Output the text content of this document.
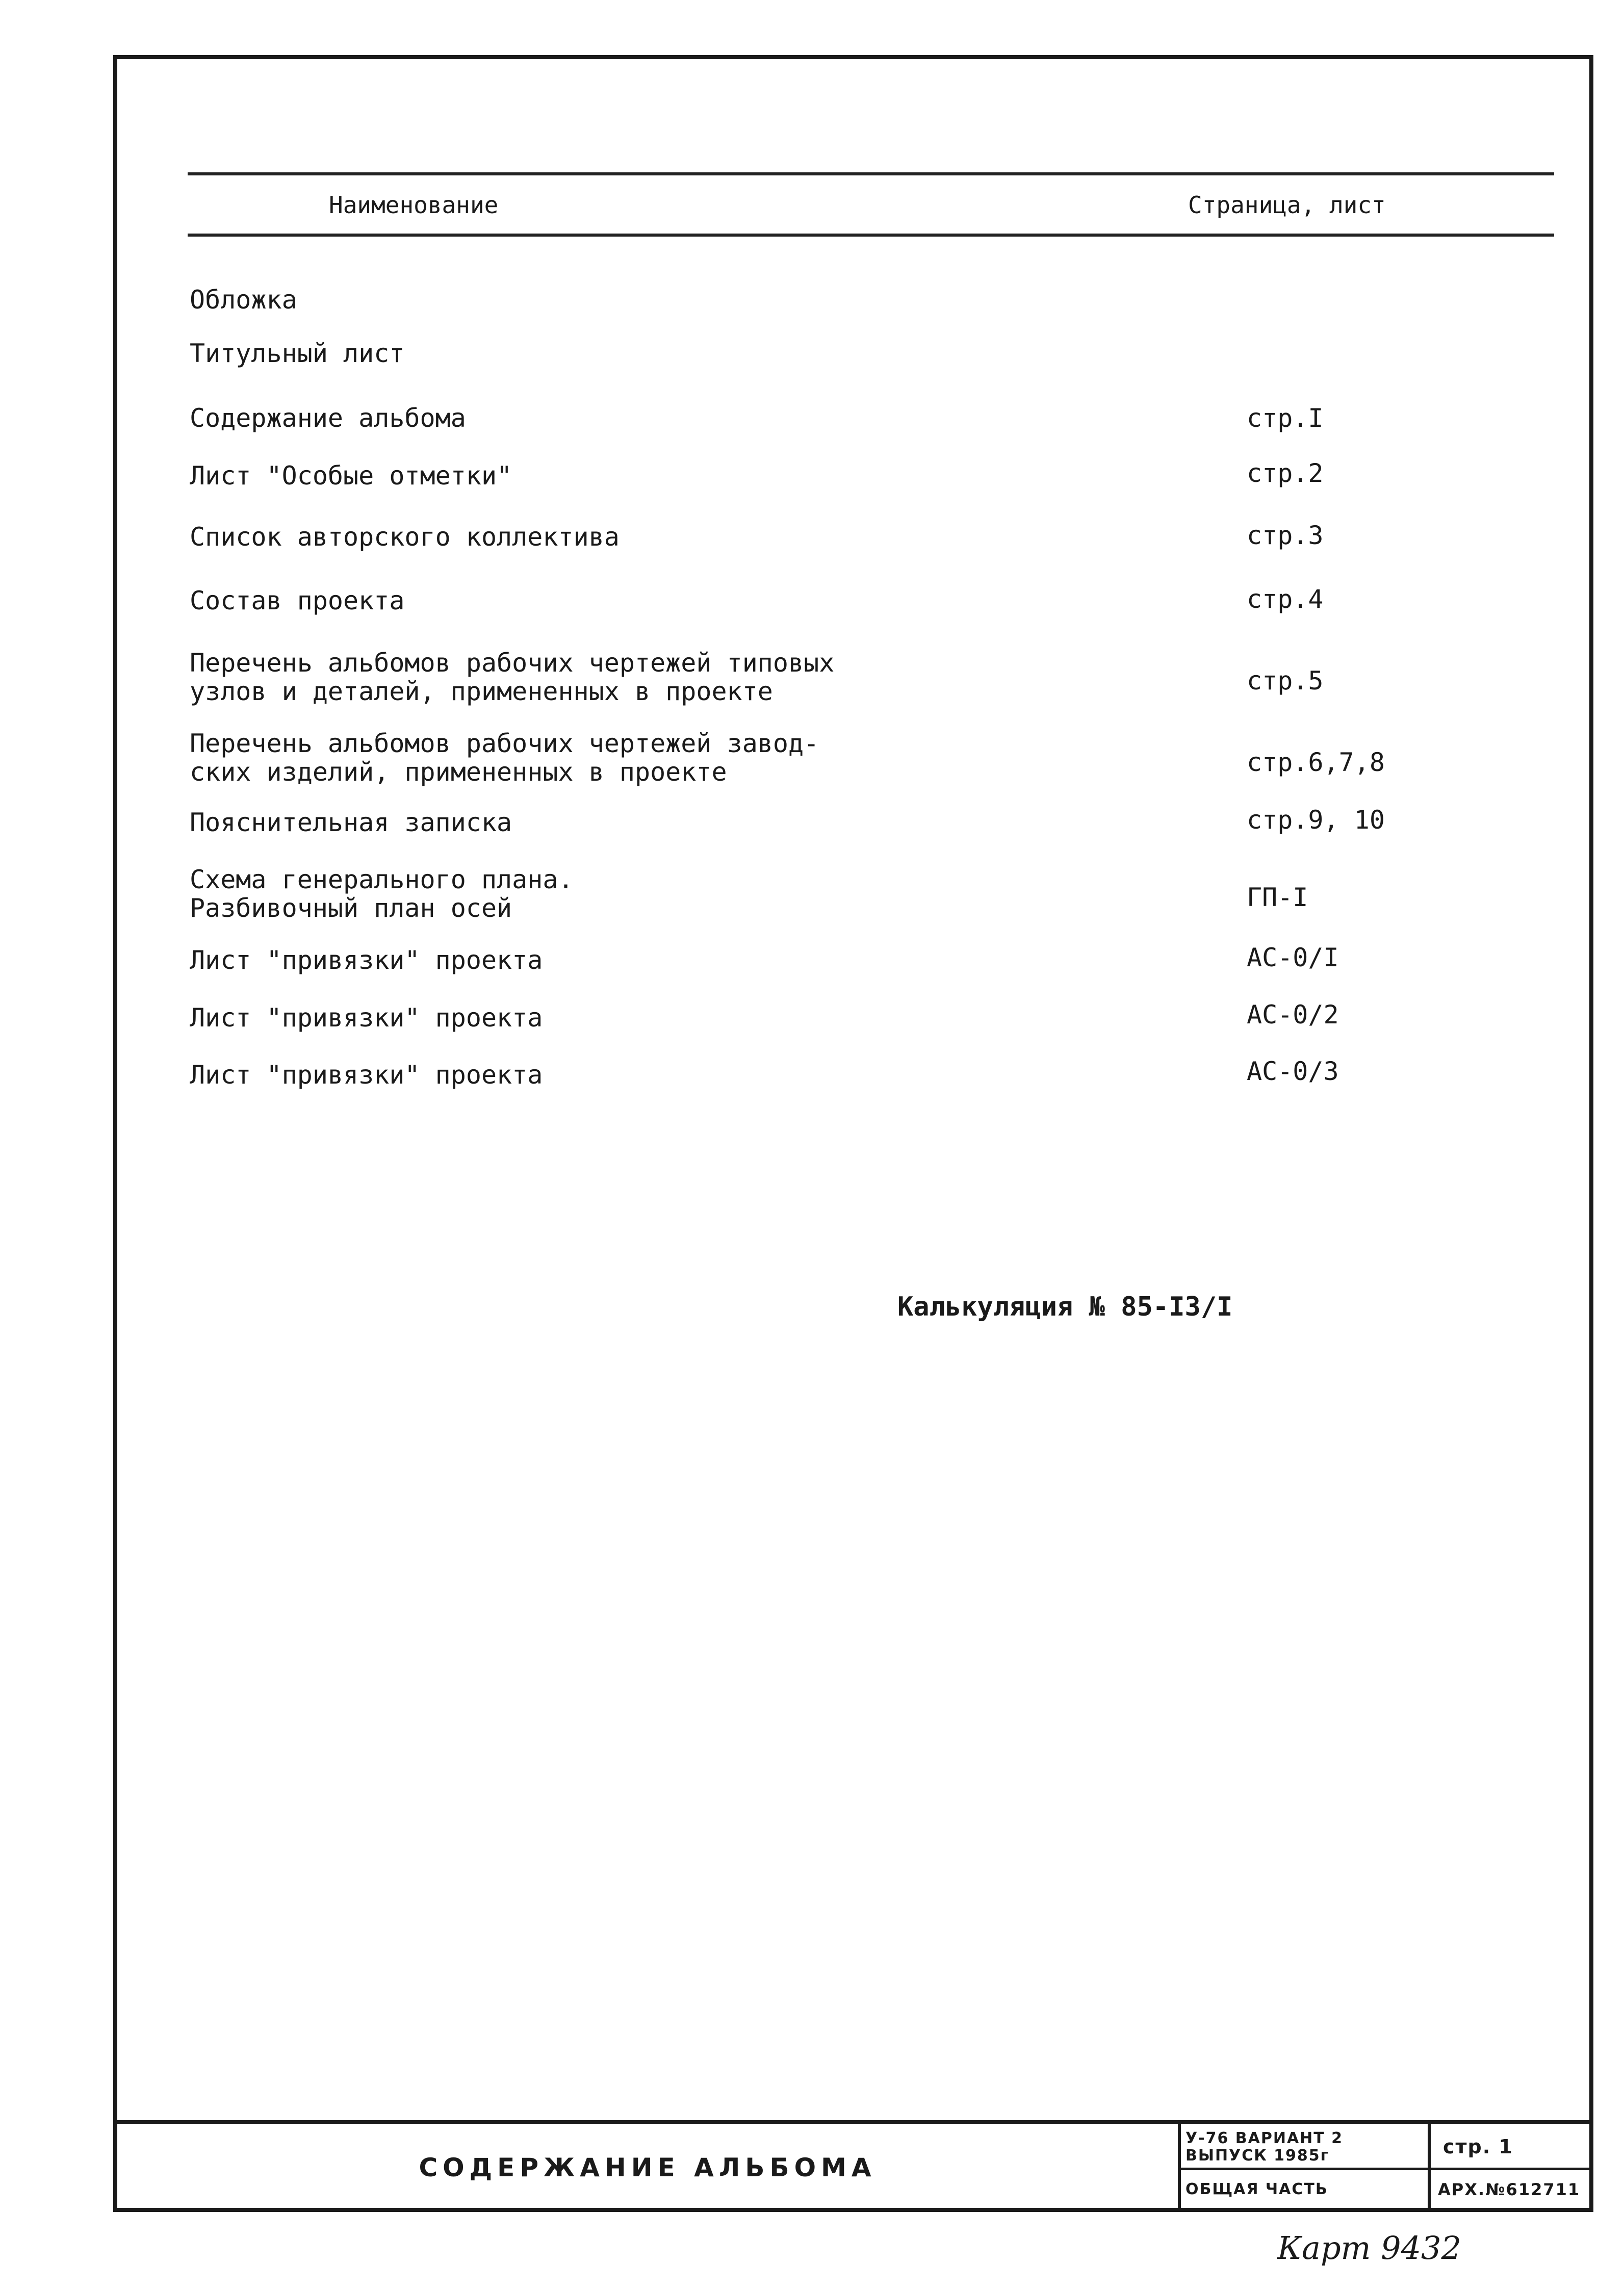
Наименование	Страница, лист
Обложка
Титульный лист
Содержание альбома	стр.I
Лист "Особые отметки"	стр.2
Список авторского коллектива	стр.3
Состав проекта	стр.4
Перечень альбомов рабочих чертежей типовых
узлов и деталей, примененных в проекте	стр.5
Перечень альбомов рабочих чертежей завод-
ских изделий, примененных в проекте	стр.6,7,8
Пояснительная записка	стр.9, 10
Схема генерального плана.
Разбивочный план осей	ГП-I
Лист "привязки" проекта	АС-0/I
Лист "привязки" проекта	АС-0/2
Лист "привязки" проекта	АС-0/3
Калькуляция № 85-I3/I
СОДЕРЖАНИЕ АЛЬБОМА
У-76 ВАРИАНТ 2
ВЫПУСК 1985г
ОБЩАЯ ЧАСТЬ
стр. 1
АРХ.№612711
Карт 9432
